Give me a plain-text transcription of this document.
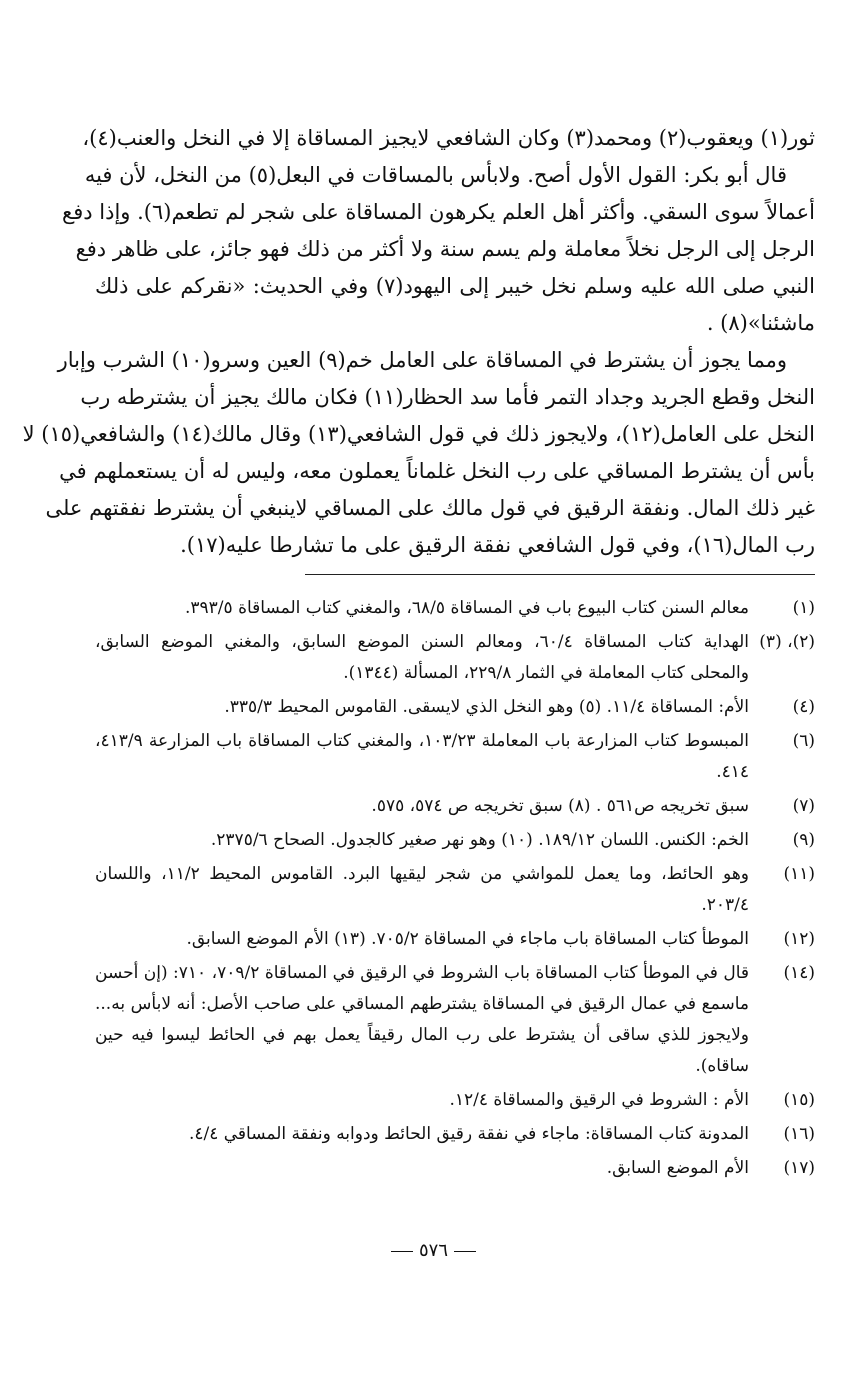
ثور(١) ويعقوب(٢) ومحمد(٣) وكان الشافعي لايجيز المساقاة إلا في النخل والعنب(٤)،
قال أبو بكر: القول الأول أصح. ولابأس بالمساقات في البعل(٥) من النخل، لأن فيه
أعمالاً سوى السقي. وأكثر أهل العلم يكرهون المساقاة على شجر لم تطعم(٦). وإذا دفع
الرجل إلى الرجل نخلاً معاملة ولم يسم سنة ولا أكثر من ذلك فهو جائز، على ظاهر دفع
النبي صلى الله عليه وسلم نخل خيبر إلى اليهود(٧) وفي الحديث: «نقركم على ذلك
ماشئنا»(٨) .
ومما يجوز أن يشترط في المساقاة على العامل خم(٩) العين وسرو(١٠) الشرب وإبار
النخل وقطع الجريد وجداد التمر فأما سد الحظار(١١) فكان مالك يجيز أن يشترطه رب
النخل على العامل(١٢)، ولايجوز ذلك في قول الشافعي(١٣) وقال مالك(١٤) والشافعي(١٥) لا
بأس أن يشترط المساقي على رب النخل غلماناً يعملون معه، وليس له أن يستعملهم في
غير ذلك المال. ونفقة الرقيق في قول مالك على المساقي لاينبغي أن يشترط نفقتهم على
رب المال(١٦)، وفي قول الشافعي نفقة الرقيق على ما تشارطا عليه(١٧).
(١)
معالم السنن كتاب البيوع باب في المساقاة ٦٨/٥، والمغني كتاب المساقاة ٣٩٣/٥.
(٢)، (٣)
الهداية كتاب المساقاة ٦٠/٤، ومعالم السنن الموضع السابق، والمغني الموضع السابق،
والمحلى كتاب المعاملة في الثمار ٢٢٩/٨، المسألة (١٣٤٤).
(٤)
الأم: المساقاة ١١/٤. (٥) وهو النخل الذي لايسقى. القاموس المحيط ٣٣٥/٣.
(٦)
المبسوط كتاب المزارعة باب المعاملة ١٠٣/٢٣، والمغني كتاب المساقاة باب المزارعة ٤١٣/٩،
٤١٤.
(٧)
سبق تخريجه ص٥٦١ . (٨) سبق تخريجه ص ٥٧٤، ٥٧٥.
(٩)
الخم: الكنس. اللسان ١٨٩/١٢. (١٠) وهو نهر صغير كالجدول. الصحاح ٢٣٧٥/٦.
(١١)
وهو الحائط، وما يعمل للمواشي من شجر ليقيها البرد. القاموس المحيط ١١/٢، واللسان
٢٠٣/٤.
(١٢)
الموطأ كتاب المساقاة باب ماجاء في المساقاة ٧٠٥/٢. (١٣) الأم الموضع السابق.
(١٤)
قال في الموطأ كتاب المساقاة باب الشروط في الرقيق في المساقاة ٧٠٩/٢، ٧١٠: (إن أحسن
ماسمع في عمال الرقيق في المساقاة يشترطهم المساقي على صاحب الأصل: أنه لابأس به...
ولايجوز للذي ساقى أن يشترط على رب المال رقيقاً يعمل بهم في الحائط ليسوا فيه حين
ساقاه).
(١٥)
الأم : الشروط في الرقيق والمساقاة ١٢/٤.
(١٦)
المدونة كتاب المساقاة: ماجاء في نفقة رقيق الحائط ودوابه ونفقة المساقي ٤/٤.
(١٧)
الأم الموضع السابق.
٥٧٦
